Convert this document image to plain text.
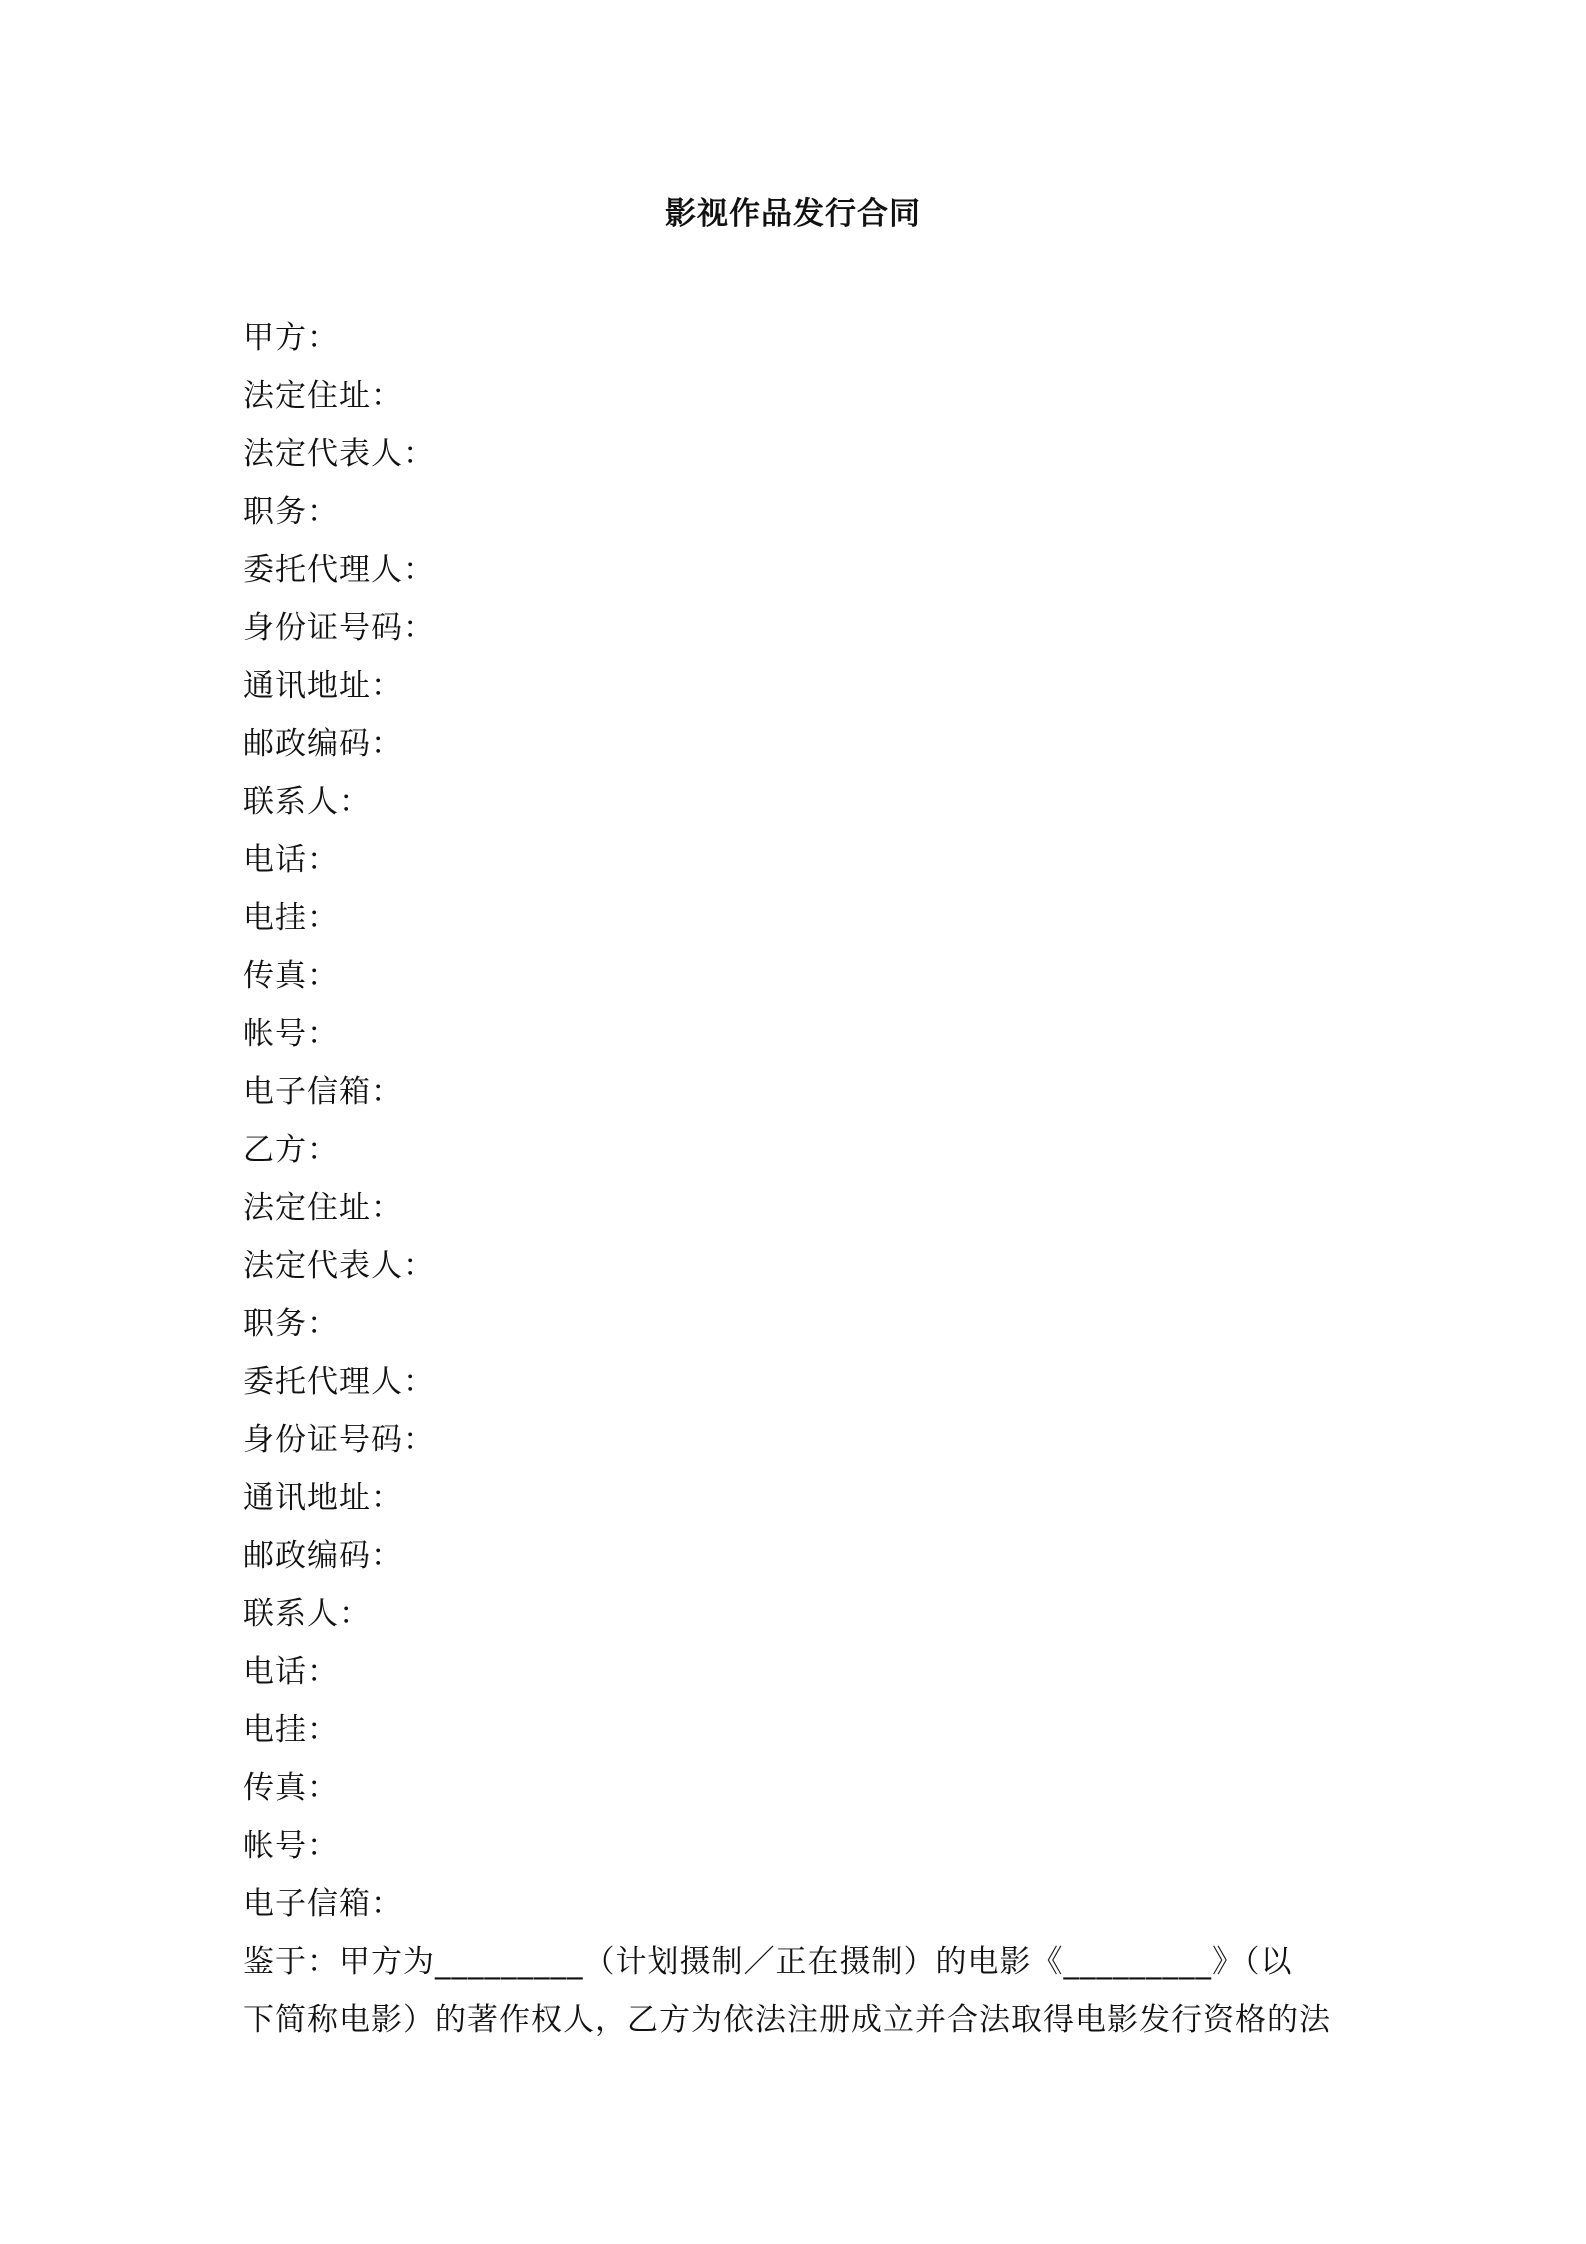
影视作品发行合同
甲方：
法定住址：
法定代表人：
职务：
委托代理人：
身份证号码：
通讯地址：
邮政编码：
联系人：
电话：
电挂：
传真：
帐号：
电子信箱：
乙方：
法定住址：
法定代表人：
职务：
委托代理人：
身份证号码：
通讯地址：
邮政编码：
联系人：
电话：
电挂：
传真：
帐号：
电子信箱：
鉴于：甲方为_________（计划摄制／正在摄制）的电影《_________》（以
下简称电影）的著作权人，乙方为依法注册成立并合法取得电影发行资格的法
